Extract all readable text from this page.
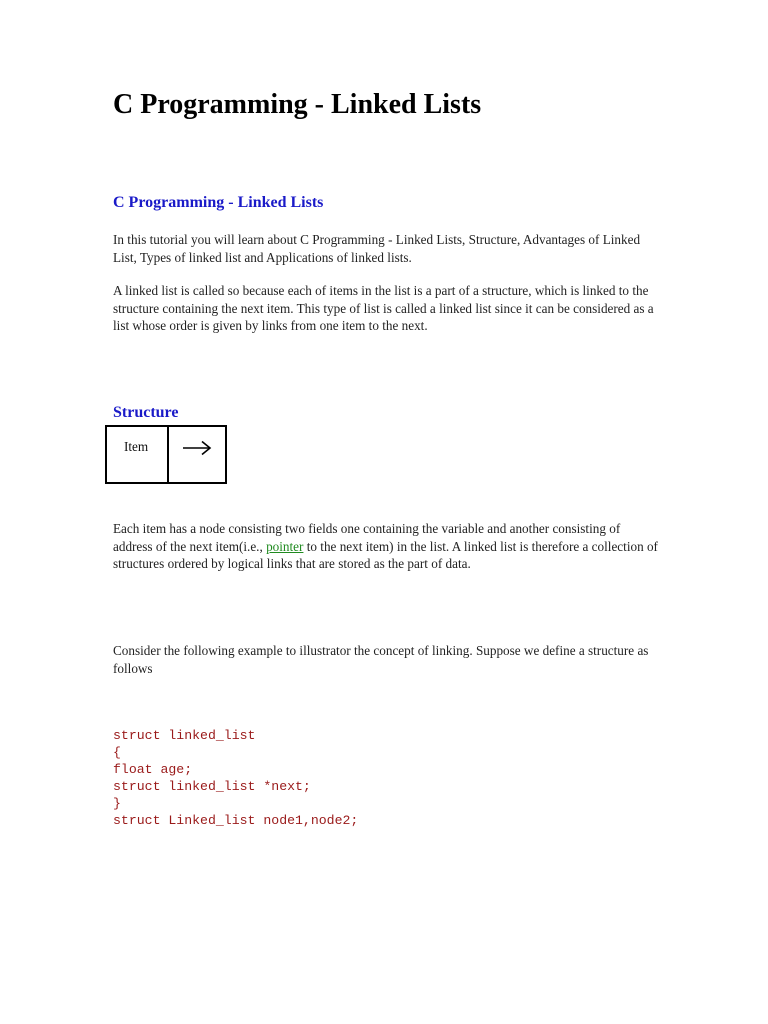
C Programming - Linked Lists
C Programming - Linked Lists

In this tutorial you will learn about C Programming - Linked Lists, Structure, Advantages of Linked List, Types of linked list and Applications of linked lists.

A linked list is called so because each of items in the list is a part of a structure, which is linked to the structure containing the next item. This type of list is called a linked list since it can be considered as a list whose order is given by links from one item to the next.

Structure
Item

Each item has a node consisting two fields one containing the variable and another consisting of address of the next item(i.e., pointer to the next item) in the list. A linked list is therefore a collection of structures ordered by logical links that are stored as the part of data.

Consider the following example to illustrator the concept of linking. Suppose we define a structure as follows

struct linked_list
{
float age;
struct linked_list *next;
}
struct Linked_list node1,node2;
